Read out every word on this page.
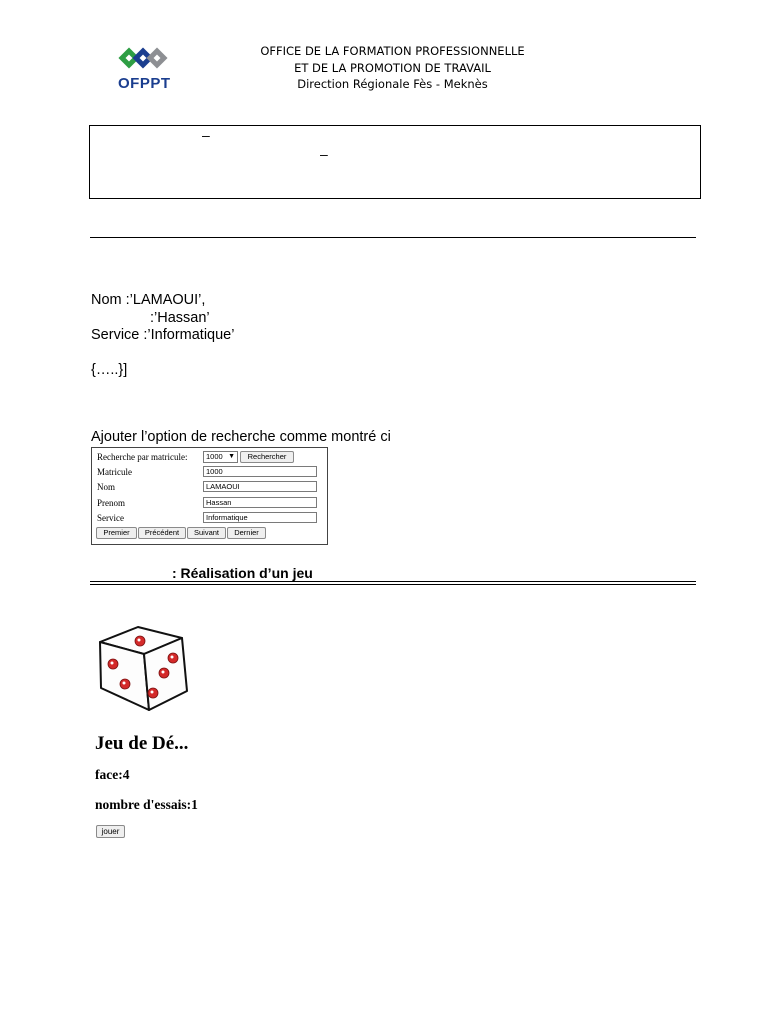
OFPPT
OFFICE DE LA FORMATION PROFESSIONNELLE
ET DE LA PROMOTION DE TRAVAIL
Direction Régionale Fès - Meknès
–
–
Nom :’LAMAOUI’,
:’Hassan’
Service :’Informatique’
{…..}]
Ajouter l’option de recherche comme montré ci
Recherche par matricule:	1000 ▼	Rechercher
Matricule	1000
Nom	LAMAOUI
Prenom	Hassan
Service	Informatique
Premier	Précédent	Suivant	Dernier
: Réalisation d’un jeu
Jeu de Dé...
face:4
nombre d'essais:1
jouer
